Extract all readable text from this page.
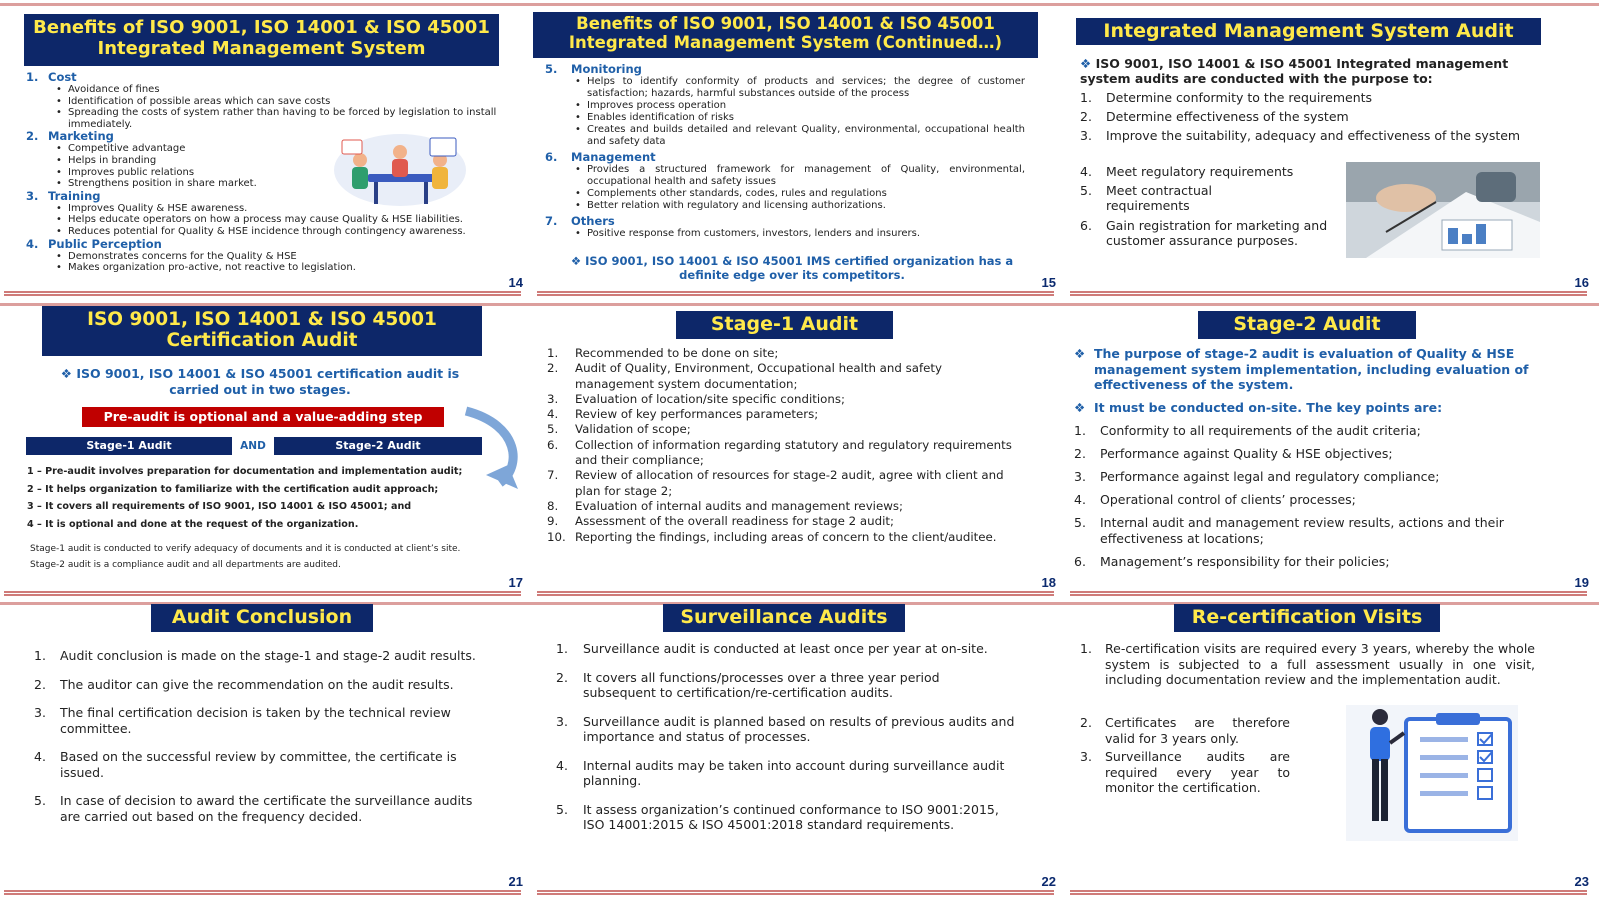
Benefits of ISO 9001, ISO 14001 & ISO 45001 Integrated Management System
1. Cost
• Avoidance of fines
• Identification of possible areas which can save costs
• Spreading the costs of system rather than having to be forced by legislation to install immediately.
2. Marketing
• Competitive advantage
• Helps in branding
• Improves public relations
• Strengthens position in share market.
3. Training
• Improves Quality & HSE awareness.
• Helps educate operators on how a process may cause Quality & HSE liabilities.
• Reduces potential for Quality & HSE incidence through contingency awareness.
4. Public Perception
• Demonstrates concerns for the Quality & HSE
• Makes organization pro-active, not reactive to legislation.
14
Benefits of ISO 9001, ISO 14001 & ISO 45001 Integrated Management System (Continued…)
5. Monitoring
• Helps to identify conformity of products and services; the degree of customer satisfaction; hazards, harmful substances outside of the process
• Improves process operation
• Enables identification of risks
• Creates and builds detailed and relevant Quality, environmental, occupational health and safety data
6. Management
• Provides a structured framework for management of Quality, environmental, occupational health and safety issues
• Complements other standards, codes, rules and regulations
• Better relation with regulatory and licensing authorizations.
7. Others
• Positive response from customers, investors, lenders and insurers.
❖ ISO 9001, ISO 14001 & ISO 45001 IMS certified organization has a definite edge over its competitors.	15
Integrated Management System Audit
❖ ISO 9001, ISO 14001 & ISO 45001 Integrated management system audits are conducted with the purpose to:
1. Determine conformity to the requirements
2. Determine effectiveness of the system
3. Improve the suitability, adequacy and effectiveness of the system
4. Meet regulatory requirements
5. Meet contractual requirements
6. Gain registration for marketing and customer assurance purposes.
16
ISO 9001, ISO 14001 & ISO 45001 Certification Audit
❖ ISO 9001, ISO 14001 & ISO 45001 certification audit is carried out in two stages.
Pre-audit is optional and a value-adding step
Stage-1 Audit	AND	Stage-2 Audit
1 – Pre-audit involves preparation for documentation and implementation audit;
2 – It helps organization to familiarize with the certification audit approach;
3 – It covers all requirements of ISO 9001, ISO 14001 & ISO 45001; and
4 – It is optional and done at the request of the organization.
Stage-1 audit is conducted to verify adequacy of documents and it is conducted at client’s site.
Stage-2 audit is a compliance audit and all departments are audited.
17
Stage-1 Audit
1. Recommended to be done on site;
2. Audit of Quality, Environment, Occupational health and safety management system documentation;
3. Evaluation of location/site specific conditions;
4. Review of key performances parameters;
5. Validation of scope;
6. Collection of information regarding statutory and regulatory requirements and their compliance;
7. Review of allocation of resources for stage-2 audit, agree with client and plan for stage 2;
8. Evaluation of internal audits and management reviews;
9. Assessment of the overall readiness for stage 2 audit;
10. Reporting the findings, including areas of concern to the client/auditee.
18
Stage-2 Audit
❖ The purpose of stage-2 audit is evaluation of Quality & HSE management system implementation, including evaluation of effectiveness of the system.
❖ It must be conducted on-site. The key points are:
1. Conformity to all requirements of the audit criteria;
2. Performance against Quality & HSE objectives;
3. Performance against legal and regulatory compliance;
4. Operational control of clients’ processes;
5. Internal audit and management review results, actions and their effectiveness at locations;
6. Management’s responsibility for their policies;
19
Audit Conclusion
1. Audit conclusion is made on the stage-1 and stage-2 audit results.
2. The auditor can give the recommendation on the audit results.
3. The final certification decision is taken by the technical review committee.
4. Based on the successful review by committee, the certificate is issued.
5. In case of decision to award the certificate the surveillance audits are carried out based on the frequency decided.
21
Surveillance Audits
1. Surveillance audit is conducted at least once per year at on-site.
2. It covers all functions/processes over a three year period subsequent to certification/re-certification audits.
3. Surveillance audit is planned based on results of previous audits and importance and status of processes.
4. Internal audits may be taken into account during surveillance audit planning.
5. It assess organization’s continued conformance to ISO 9001:2015, ISO 14001:2015 & ISO 45001:2018 standard requirements.
22
Re-certification Visits
1. Re-certification visits are required every 3 years, whereby the whole system is subjected to a full assessment usually in one visit, including documentation review and the implementation audit.
2. Certificates are therefore valid for 3 years only.
3. Surveillance audits are required every year to monitor the certification.
23
